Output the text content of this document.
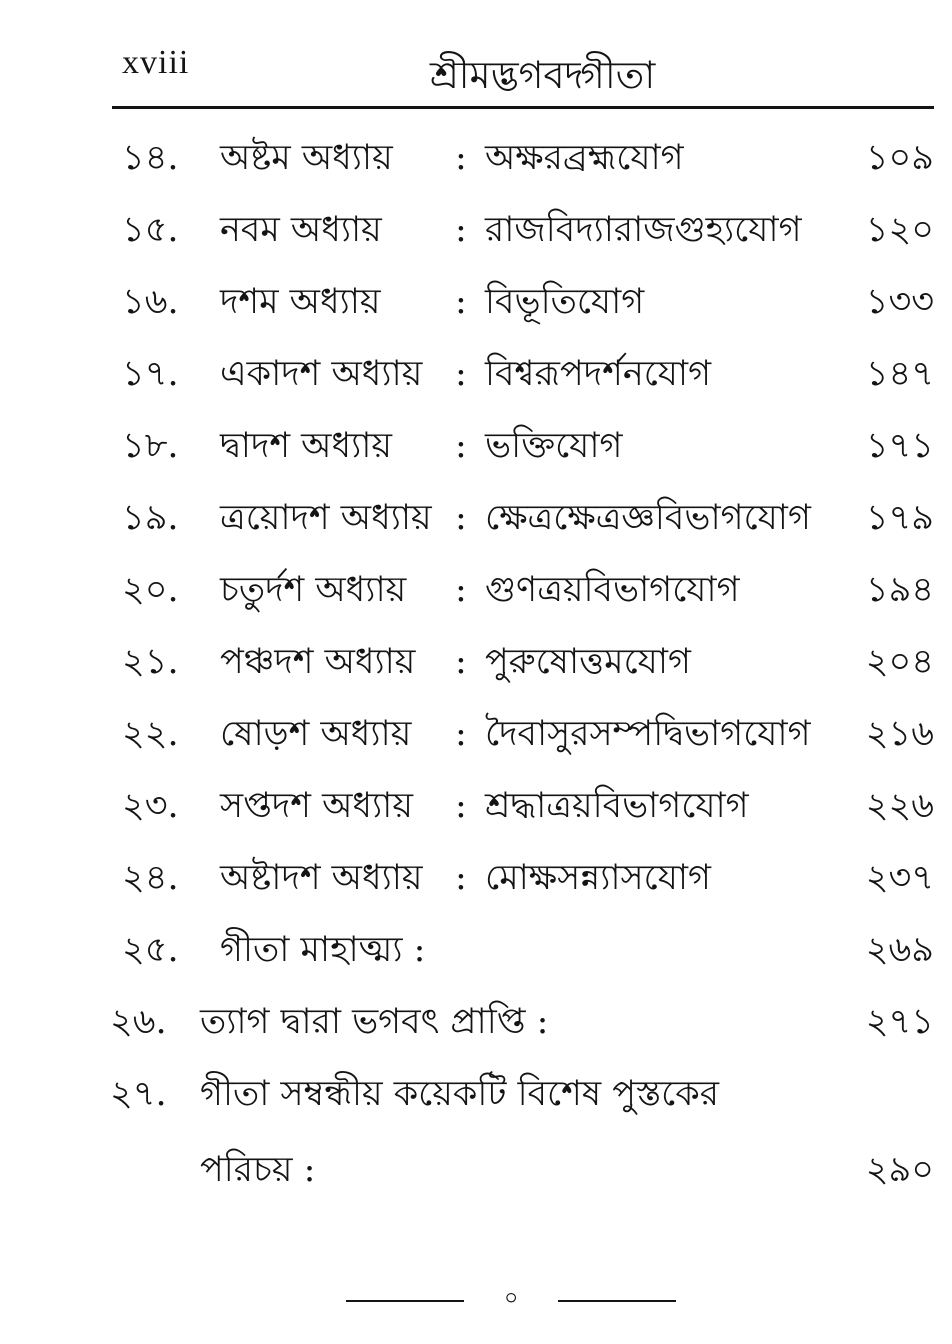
xviii	শ্রীমদ্ভগবদ্গীতা
১৪. অষ্টম অধ্যায় : অক্ষরব্রহ্মযোগ	১০৯
১৫. নবম অধ্যায় : রাজবিদ্যারাজগুহ্যযোগ ১২০
১৬. দশম অধ্যায় : বিভূতিযোগ	১৩৩
১৭. একাদশ অধ্যায় : বিশ্বরূপদর্শনযোগ	১৪৭
১৮. দ্বাদশ অধ্যায় : ভক্তিযোগ	১৭১
১৯. ত্রয়োদশ অধ্যায় : ক্ষেত্রক্ষেত্রজ্ঞবিভাগযোগ ১৭৯
২০. চতুর্দশ অধ্যায় : গুণত্রয়বিভাগযোগ	১৯৪
২১. পঞ্চদশ অধ্যায় : পুরুষোত্তমযোগ	২০৪
২২. ষোড়শ অধ্যায় : দৈবাসুরসম্পদ্বিভাগযোগ ২১৬
২৩. সপ্তদশ অধ্যায় : শ্রদ্ধাত্রয়বিভাগযোগ	২২৬
২৪. অষ্টাদশ অধ্যায় : মোক্ষসন্ন্যাসযোগ	২৩৭
২৫. গীতা মাহাত্ম্য :	২৬৯
২৬. ত্যাগ দ্বারা ভগবৎ প্রাপ্তি :	২৭১
২৭. গীতা সম্বন্ধীয় কয়েকটি বিশেষ পুস্তকের
পরিচয় :	২৯০
০
